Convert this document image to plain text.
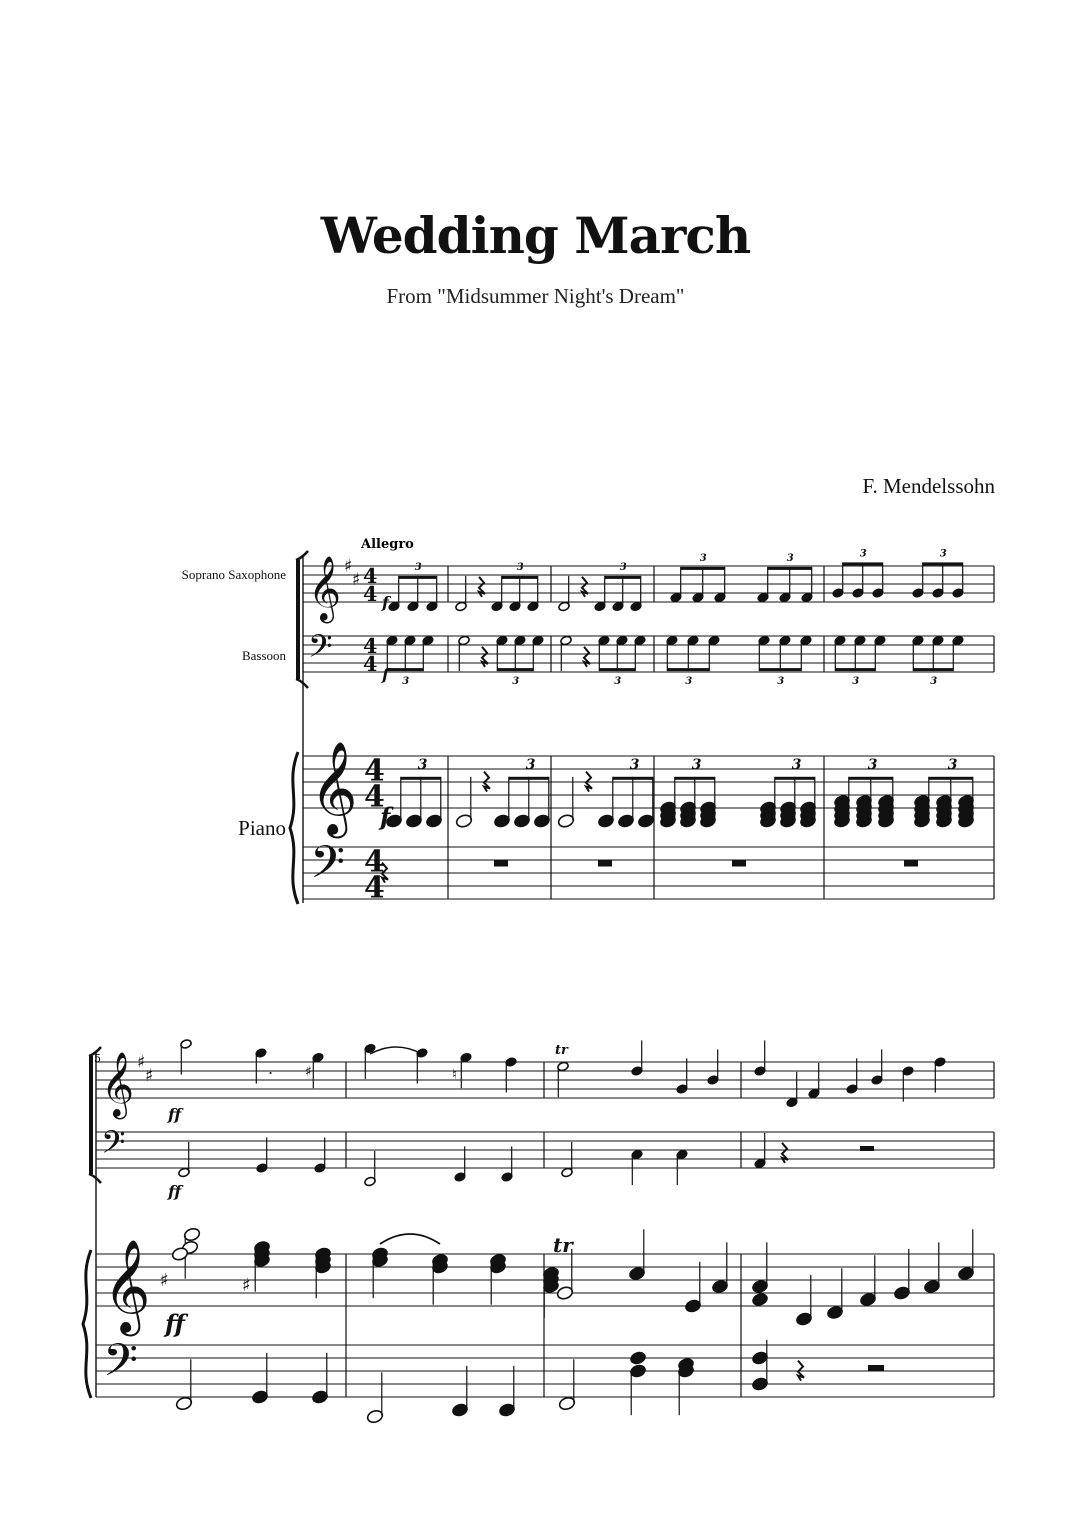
Wedding March
From "Midsummer Night's Dream"
F. Mendelssohn
Soprano Saxophone
Bassoon
Piano
𝄞 ♯
♯ 4
4
𝄢 4
4
𝄞 4
4
𝄢 4
4
𝄞 ♯
♯
𝄢
𝄞
𝄢
Allegro
5
f
f
f
3	3	3
3	3	3	3
3	3	3	3	3	3	3
3	3	3	3	3	3	3
ff
ff
ff
. ♯	♮
tr
♯	♯
tr
